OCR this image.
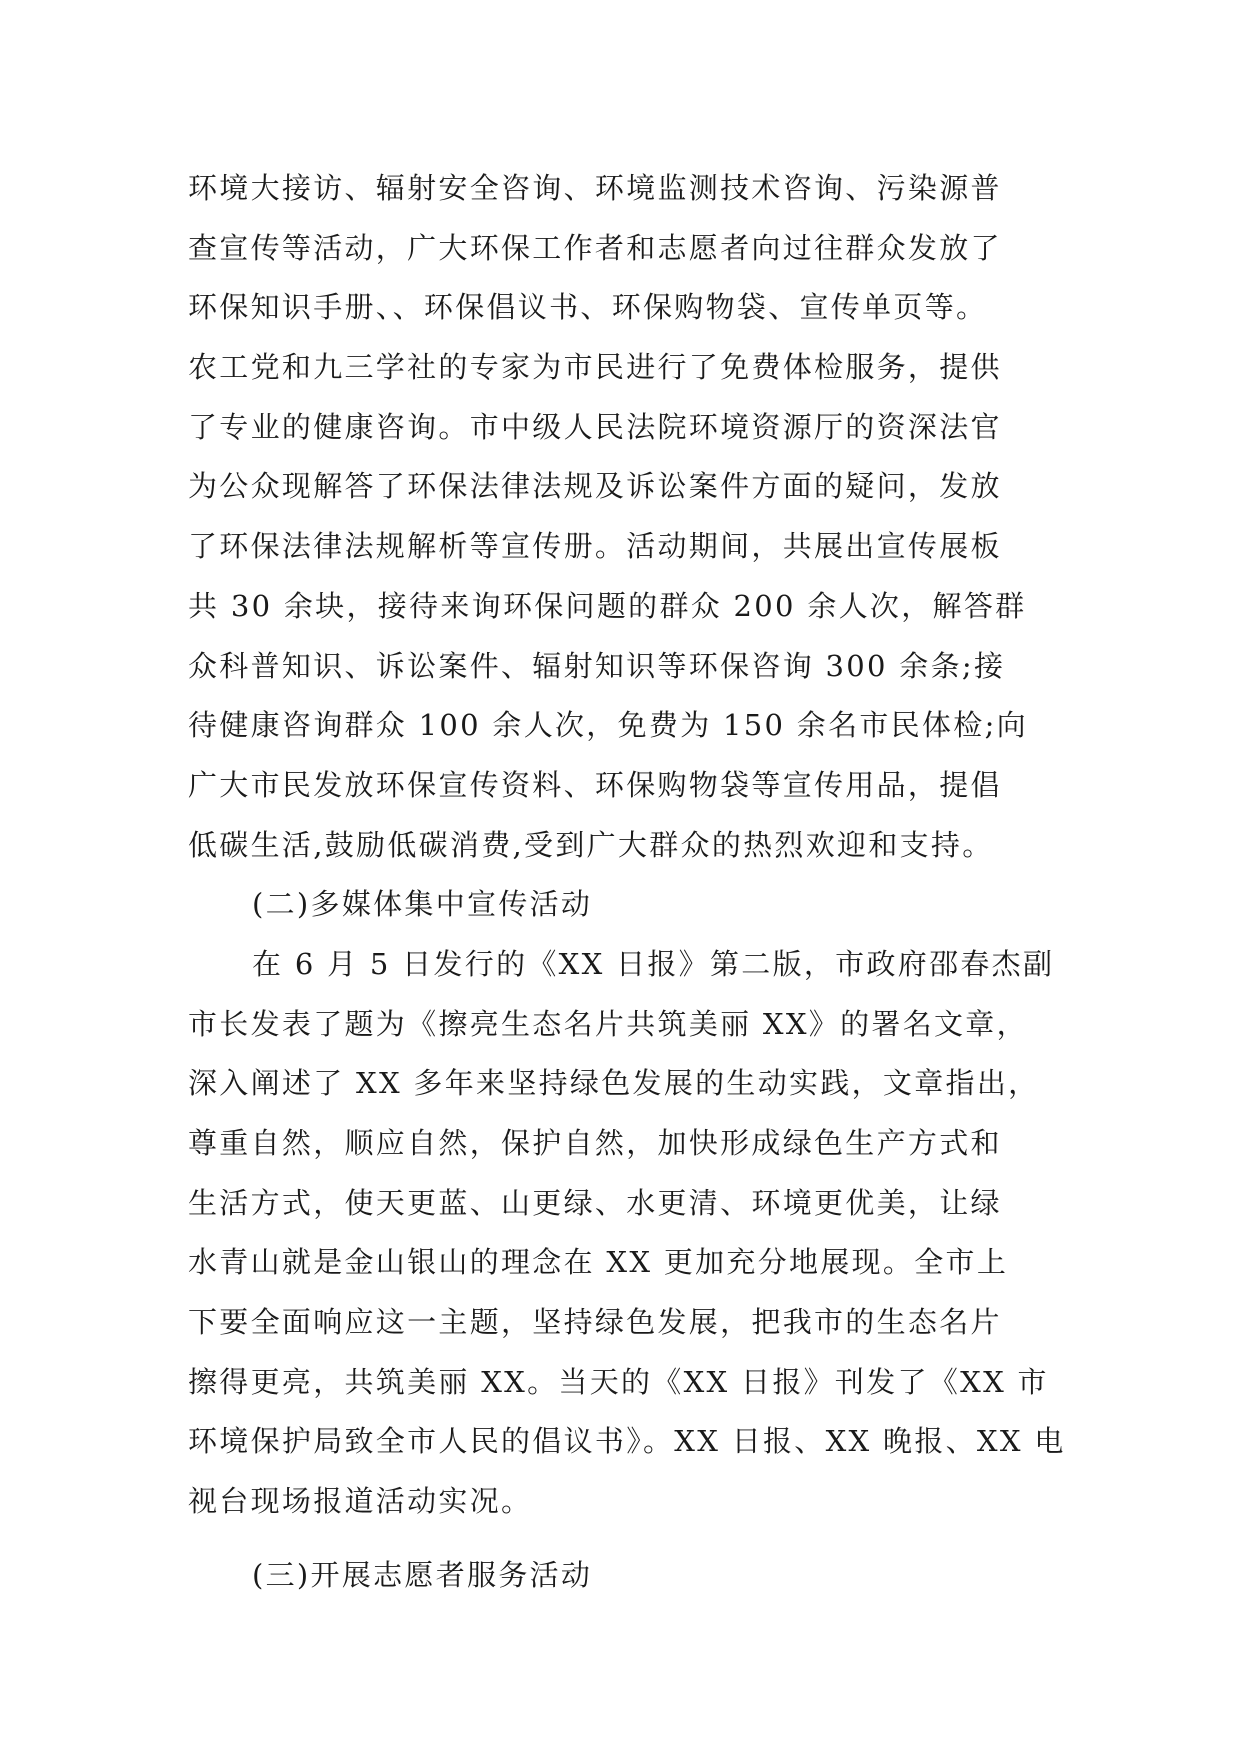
环境大接访、辐射安全咨询、环境监测技术咨询、污染源普
查宣传等活动，广大环保工作者和志愿者向过往群众发放了
环保知识手册、、环保倡议书、环保购物袋、宣传单页等。
农工党和九三学社的专家为市民进行了免费体检服务，提供
了专业的健康咨询。市中级人民法院环境资源厅的资深法官
为公众现解答了环保法律法规及诉讼案件方面的疑问，发放
了环保法律法规解析等宣传册。活动期间，共展出宣传展板
共 30 余块，接待来询环保问题的群众 200 余人次，解答群
众科普知识、诉讼案件、辐射知识等环保咨询 300 余条;接
待健康咨询群众 100 余人次，免费为 150 余名市民体检;向
广大市民发放环保宣传资料、环保购物袋等宣传用品，提倡
低碳生活,鼓励低碳消费,受到广大群众的热烈欢迎和支持。
(二)多媒体集中宣传活动
在 6 月 5 日发行的《XX 日报》第二版，市政府邵春杰副
市长发表了题为《擦亮生态名片共筑美丽 XX》的署名文章，
深入阐述了 XX 多年来坚持绿色发展的生动实践，文章指出，
尊重自然，顺应自然，保护自然，加快形成绿色生产方式和
生活方式，使天更蓝、山更绿、水更清、环境更优美，让绿
水青山就是金山银山的理念在 XX 更加充分地展现。全市上
下要全面响应这一主题，坚持绿色发展，把我市的生态名片
擦得更亮，共筑美丽 XX。当天的《XX 日报》刊发了《XX 市
环境保护局致全市人民的倡议书》。XX 日报、XX 晚报、XX 电
视台现场报道活动实况。
(三)开展志愿者服务活动
